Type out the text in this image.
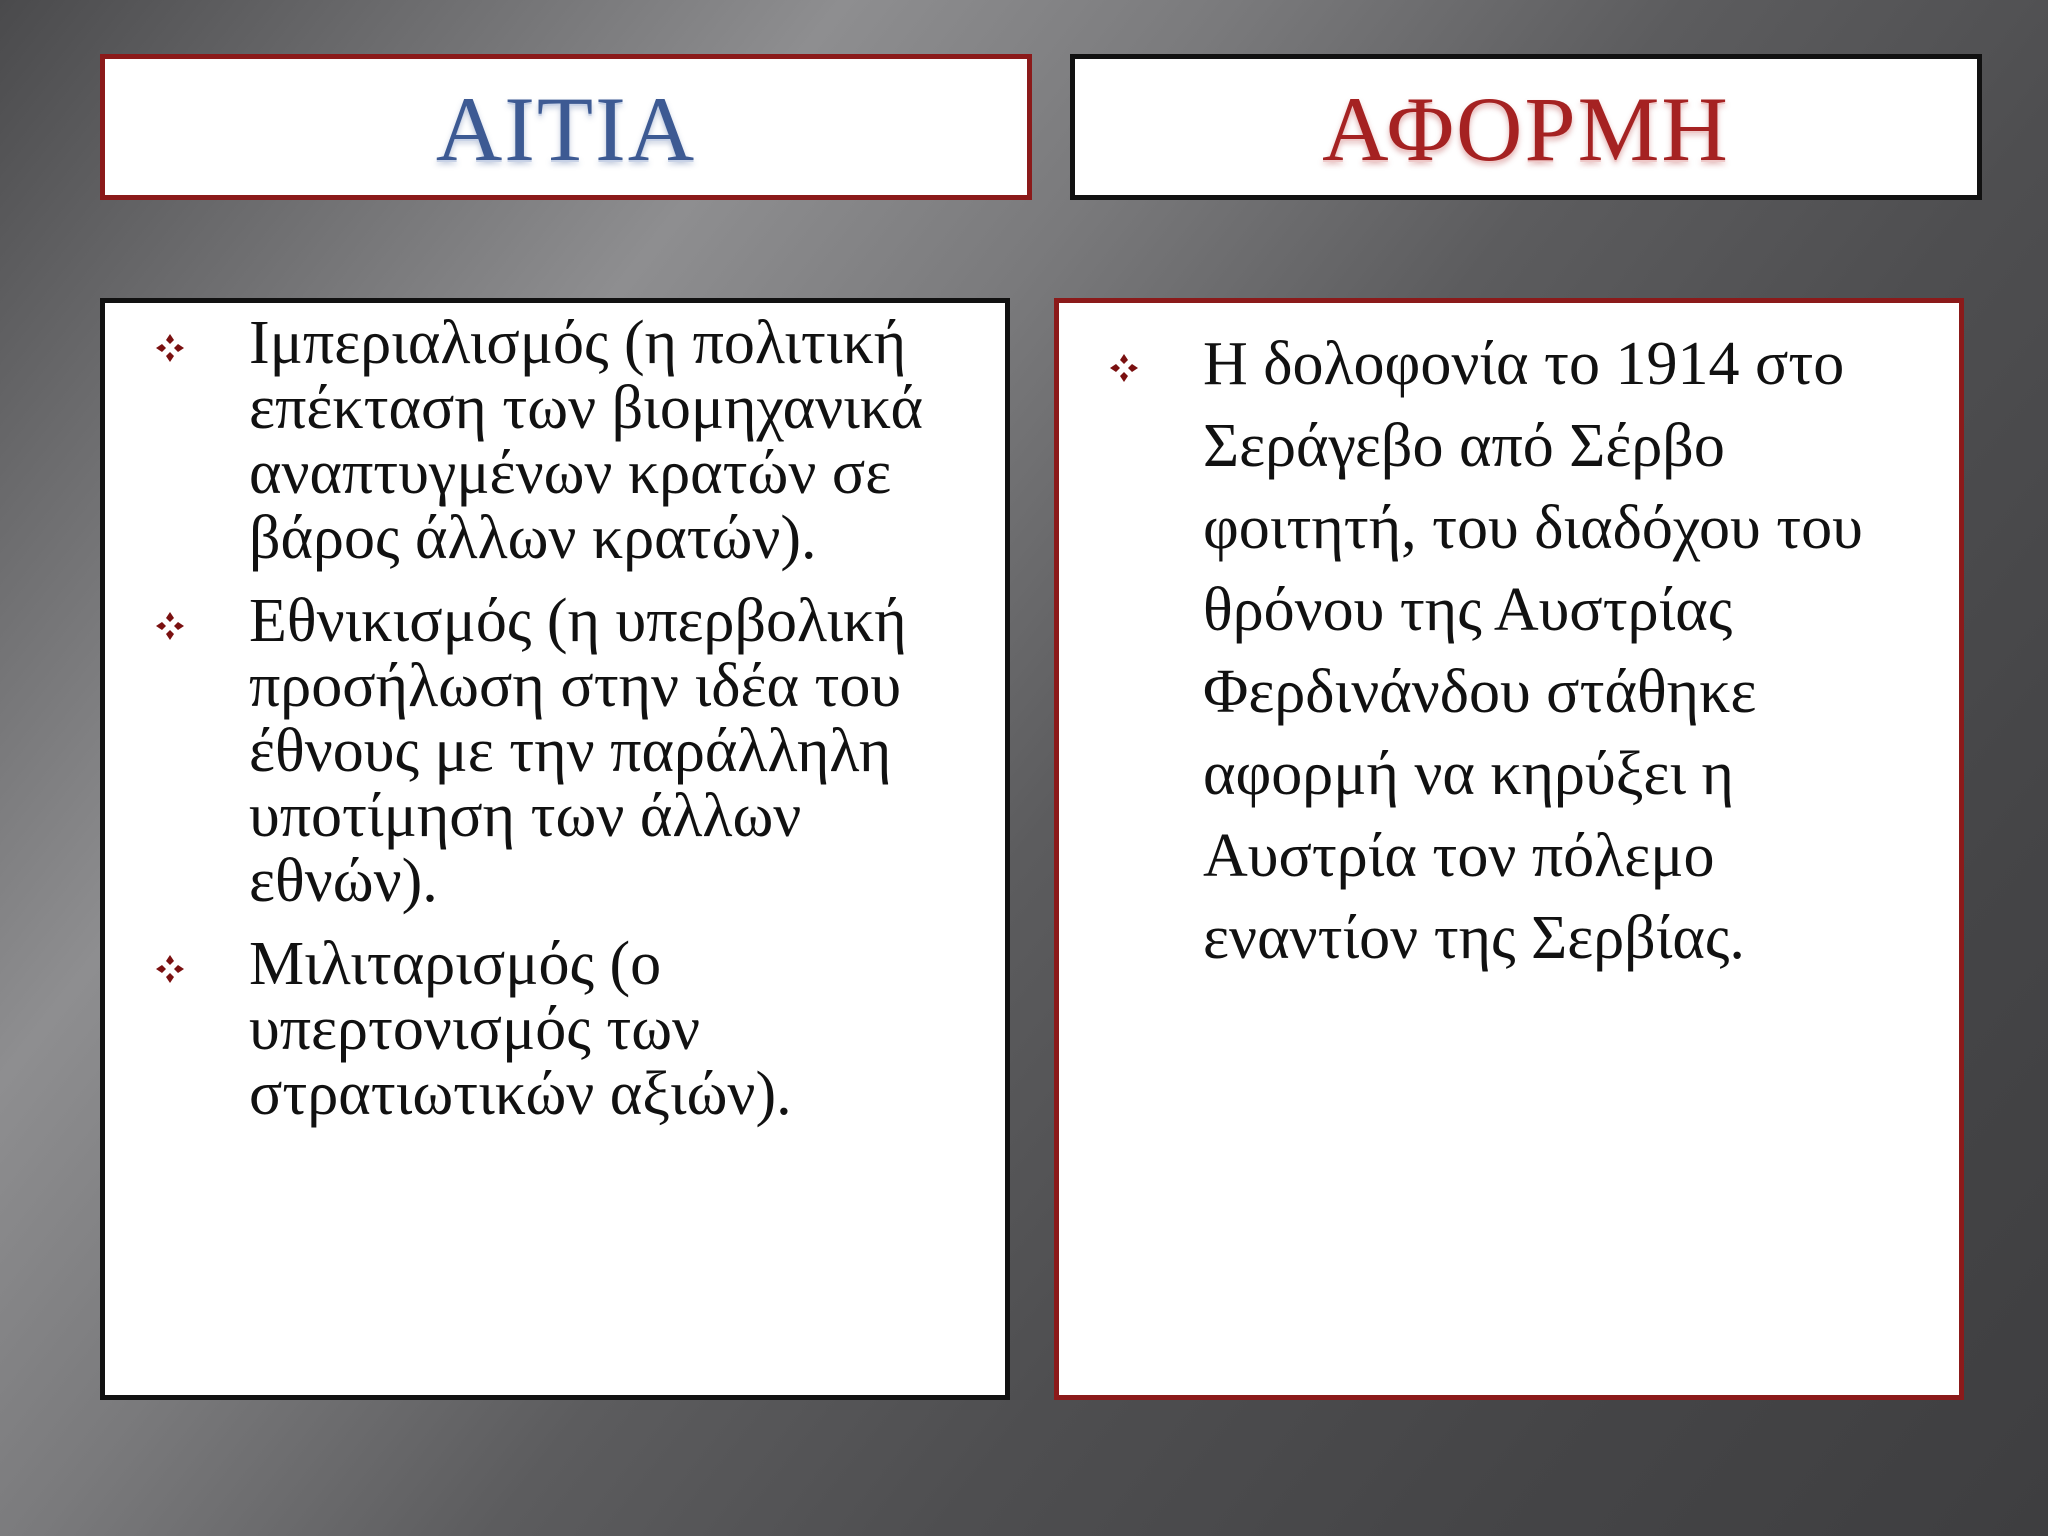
ΑΙΤΙΑ	ΑΦΟΡΜΗ
Ιμπεριαλισμός (η πολιτική επέκταση των βιομηχανικά αναπτυγμένων κρατών σε βάρος άλλων κρατών).
Εθνικισμός (η υπερβολική προσήλωση στην ιδέα του έθνους με την παράλληλη υποτίμηση των άλλων εθνών).
Μιλιταρισμός (ο υπερτονισμός των στρατιωτικών αξιών).
Η δολοφονία το 1914 στο Σεράγεβο από Σέρβο φοιτητή, του διαδόχου του θρόνου της Αυστρίας Φερδινάνδου στάθηκε αφορμή να κηρύξει η Αυστρία τον πόλεμο εναντίον της Σερβίας.
